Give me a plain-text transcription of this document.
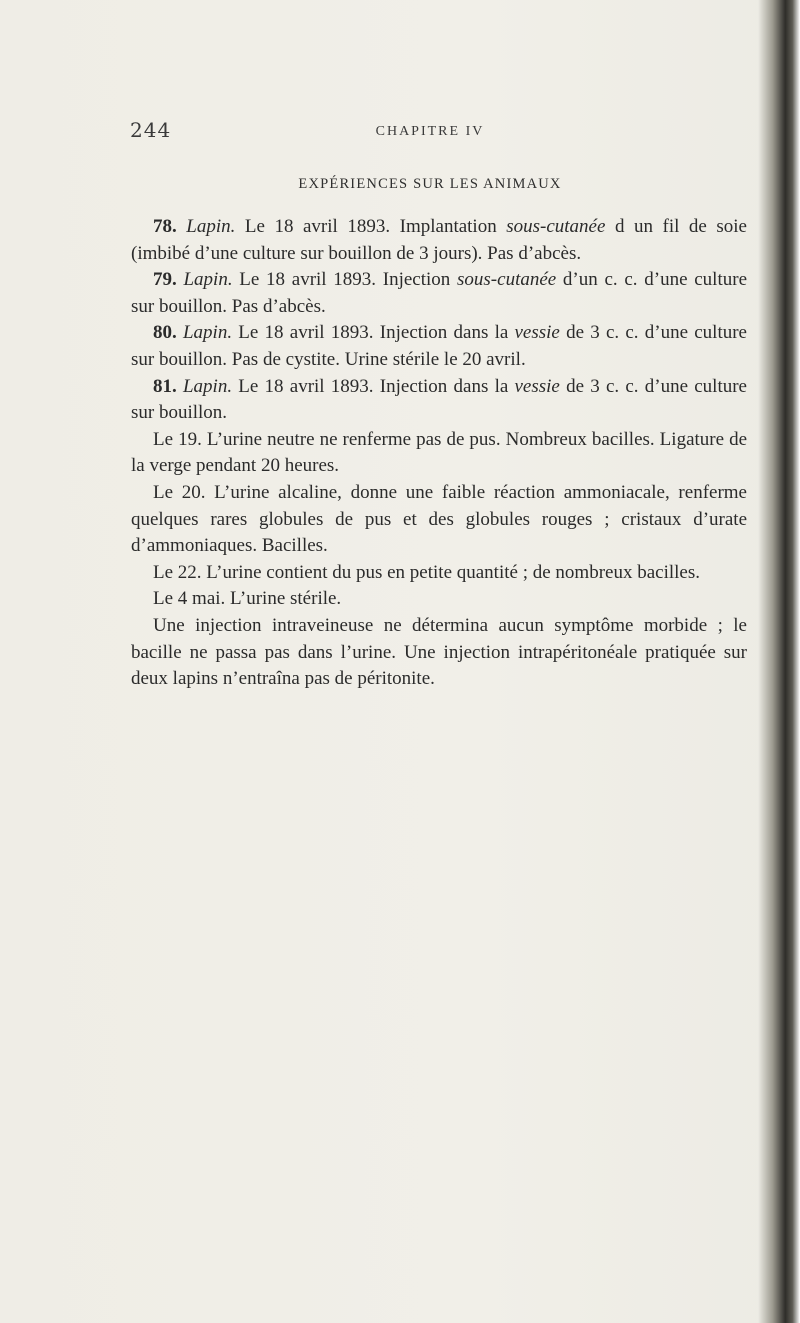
244	CHAPITRE IV
EXPÉRIENCES SUR LES ANIMAUX

78. Lapin. Le 18 avril 1893. Implantation sous-cutanée d un fil de soie (imbibé d’une culture sur bouillon de 3 jours). Pas d’abcès.

79. Lapin. Le 18 avril 1893. Injection sous-cutanée d’un c. c. d’une culture sur bouillon. Pas d’abcès.

80. Lapin. Le 18 avril 1893. Injection dans la vessie de 3 c. c. d’une culture sur bouillon. Pas de cystite. Urine stérile le 20 avril.

81. Lapin. Le 18 avril 1893. Injection dans la vessie de 3 c. c. d’une culture sur bouillon.

Le 19. L’urine neutre ne renferme pas de pus. Nombreux bacilles. Ligature de la verge pendant 20 heures.

Le 20. L’urine alcaline, donne une faible réaction ammoniacale, renferme quelques rares globules de pus et des globules rouges ; cristaux d’urate d’ammoniaques. Bacilles.

Le 22. L’urine contient du pus en petite quantité ; de nombreux bacilles.

Le 4 mai. L’urine stérile.

Une injection intraveineuse ne détermina aucun symptôme morbide ; le bacille ne passa pas dans l’urine. Une injection intrapéritonéale pratiquée sur deux lapins n’entraîna pas de péritonite.
